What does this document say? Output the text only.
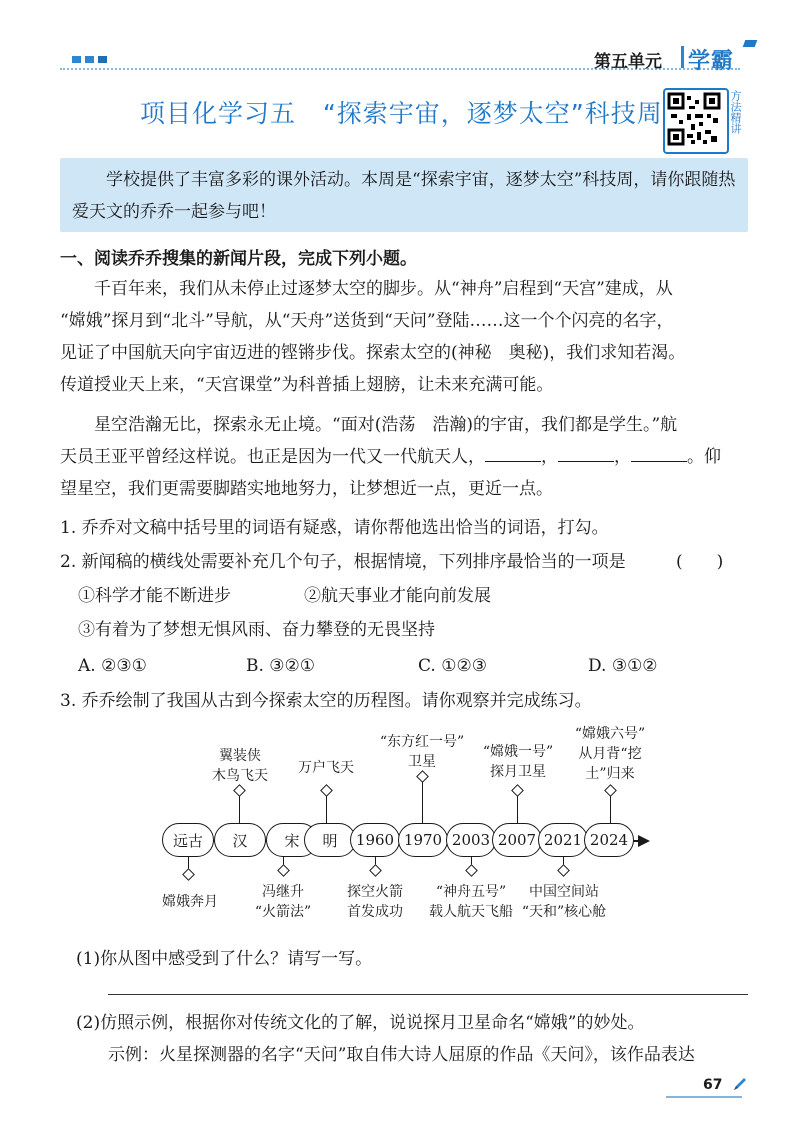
第五单元 学霸
项目化学习五 “探索宇宙，逐梦太空”科技周	方法精讲
学校提供了丰富多彩的课外活动。本周是“探索宇宙，逐梦太空”科技周，请你跟随热爱天文的乔乔一起参与吧！
一、阅读乔乔搜集的新闻片段，完成下列小题。
千百年来，我们从未停止过逐梦太空的脚步。从“神舟”启程到“天宫”建成，从
“嫦娥”探月到“北斗”导航，从“天舟”送货到“天问”登陆……这一个个闪亮的名字，
见证了中国航天向宇宙迈进的铿锵步伐。探索太空的(神秘　奥秘)，我们求知若渴。
传道授业天上来，“天宫课堂”为科普插上翅膀，让未来充满可能。
星空浩瀚无比，探索永无止境。“面对(浩荡　浩瀚)的宇宙，我们都是学生。”航
天员王亚平曾经这样说。也正是因为一代又一代航天人，	，	，	。仰
望星空，我们更需要脚踏实地地努力，让梦想近一点，更近一点。
1. 乔乔对文稿中括号里的词语有疑惑，请你帮他选出恰当的词语，打勾。
2. 新闻稿的横线处需要补充几个句子，根据情境，下列排序最恰当的一项是	(　　)
①科学才能不断进步	②航天事业才能向前发展
③有着为了梦想无惧风雨、奋力攀登的无畏坚持
A. ②③①	B. ③②①	C. ①②③	D. ③①②
3. 乔乔绘制了我国从古到今探索太空的历程图。请你观察并完成练习。
远古	汉	宋	明	1960 1970 2003 2007 2021 2024
翼装侠
木鸟飞天	万户飞天
“东方红一号”
卫星
“嫦娥一号”
探月卫星
“嫦娥六号”
从月背“挖
土”归来
嫦娥奔月
冯继升
“火箭法”
探空火箭
首发成功
“神舟五号”
载人航天飞船
中国空间站
“天和”核心舱
(1)你从图中感受到了什么？请写一写。
(2)仿照示例，根据你对传统文化的了解，说说探月卫星命名“嫦娥”的妙处。
示例：火星探测器的名字“天问”取自伟大诗人屈原的作品《天问》，该作品表达
67
